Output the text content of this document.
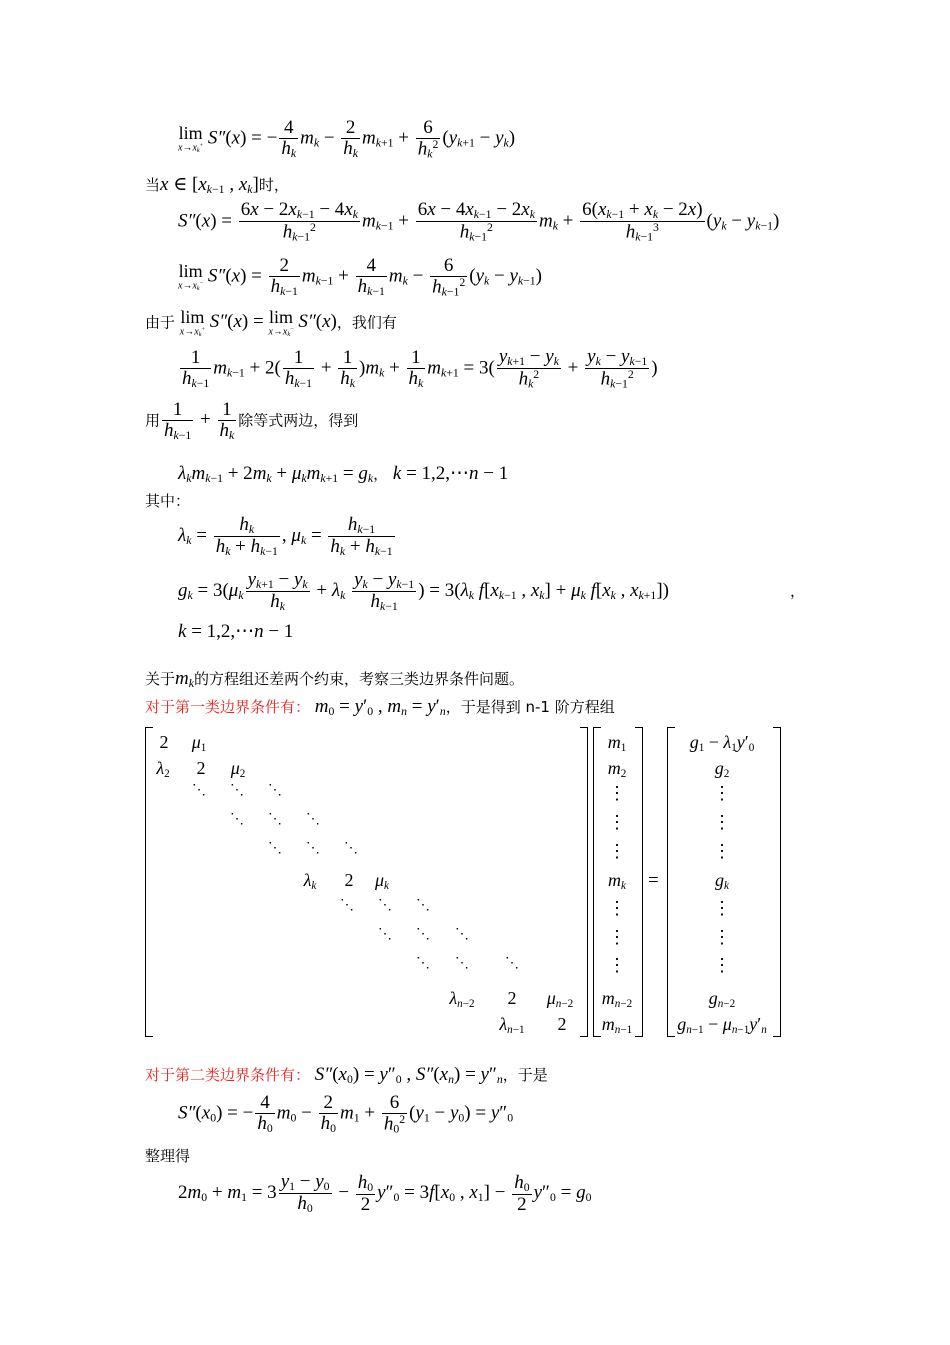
lim
$x\to x_k^+$ S″(x) = − $\frac{4}{h_k} m_k - \frac{2}{h_k} m_{k+1} + \frac{6}{h_k^2} (y_{k+1} - y_k)$
当x ∈ [$x_{k-1}$ , $x_k$]时，
$S''(x) = \frac{6x - 2x_{k-1} - 4x_k}{h_{k-1}^2} m_{k-1} + \frac{6x - 4x_{k-1} - 2x_k}{h_{k-1}^2} m_k + \frac{6(x_{k-1} + x_k - 2x)}{h_{k-1}^3} (y_k - y_{k-1})$
lim
$x\to x_k^-$ $S''(x) = \frac{2}{h_{k-1}} m_{k-1} + \frac{4}{h_{k-1}} m_k - \frac{6}{h_{k-1}^2} (y_k - y_{k-1})$
由于 lim
$x\to x_k^+$ S″(x) = lim
$x\to x_k^-$ S″(x)，我们有
$\frac{1}{h_{k-1}} m_{k-1} + 2( \frac{1}{h_{k-1}} + \frac{1}{h_k} )m_k + \frac{1}{h_k} m_{k+1} = 3( \frac{y_{k+1} - y_k}{h_k^2} + \frac{y_k - y_{k-1}}{h_{k-1}^2}$ )
用 $\frac{1}{h_{k-1}} + \frac{1}{h_k}$ 除等式两边，得到
$\lambda_km_{k-1} + 2m_k + \mu_km_{k+1} = g_k$， k = 1,2,⋯n − 1
其中：
$\lambda_k = \frac{h_k}{h_k + h_{k-1}}$ , $\mu_k = \frac{h_{k-1}}{h_k + h_{k-1}}$
$g_k = 3(\mu_k \frac{y_{k+1} - y_k}{h_k} + \lambda_k \frac{y_k - y_{k-1}}{h_{k-1}}$ ) = $3(\lambda_k$ $f[x_{k-1}$ , $x_k] + \mu_k$ $f[x_k$ , $x_{k+1}$])	，
k = 1,2,⋯n − 1
关于$m_k$的方程组还差两个约束，考察三类边界条件问题。
对于第一类边界条件有： $m_0 = y'_0$ , $m_n = y'_n$，于是得到 n-1 阶方程组
=
2 $\mu_1$
$\lambda_2$ 2 $\mu_2$
⋱ ⋱ ⋱
⋱ ⋱ ⋱
⋱ ⋱ ⋱
$\lambda_k$ 2 $\mu_k$
⋱ ⋱ ⋱
⋱ ⋱ ⋱
⋱ ⋱	⋱
$\lambda_{n-2}$ 2 $\mu_{n-2}$
$\lambda_{n-1}$ 2
$m_1$
$m_2$
⋮
⋮
⋮
$m_k$
⋮
⋮
⋮
$m_{n-2}$
$m_{n-1}$
$g_1 - \lambda_1y'_0$
$g_2$
⋮
⋮
⋮
$g_k$
⋮
⋮
⋮
$g_{n-2}$
$g_{n-1} - \mu_{n-1}y'_n$
对于第二类边界条件有： $S''(x_0) = y''_0$ , $S''(x_n) = y''_n$，于是
$S''(x_0)$ = − $\frac{4}{h_0} m_0 - \frac{2}{h_0} m_1 + \frac{6}{h_0^2} (y_1 - y_0) = y''_0$
整理得
$2m_0 + m_1 = 3 \frac{y_1 - y_0}{h_0} - \frac{h_0}{2} y''_0 = 3f[x_0$ , $x_1] - \frac{h_0}{2} y''_0 = g_0$
